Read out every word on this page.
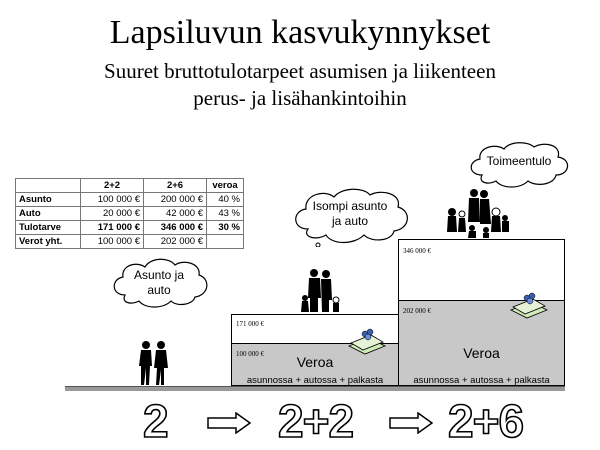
Lapsiluvun kasvukynnykset
Suuret bruttotulotarpeet asumisen ja liikenteen
perus- ja lisähankintoihin
	2+2	2+6	veroa
Asunto	100 000 €	200 000 €	40 %
Auto	20 000 €	42 000 €	43 %
Tulotarve	171 000 €	346 000 €	30 %
Verot yht.	100 000 €	202 000 €	
Asunto ja
auto
Isompi asunto
ja auto
Toimeentulo
171 000 €
100 000 €	Veroa
asunnossa + autossa + palkasta
346 000 €
202 000 €
Veroa
asunnossa + autossa + palkasta
2 2+2 2+6
